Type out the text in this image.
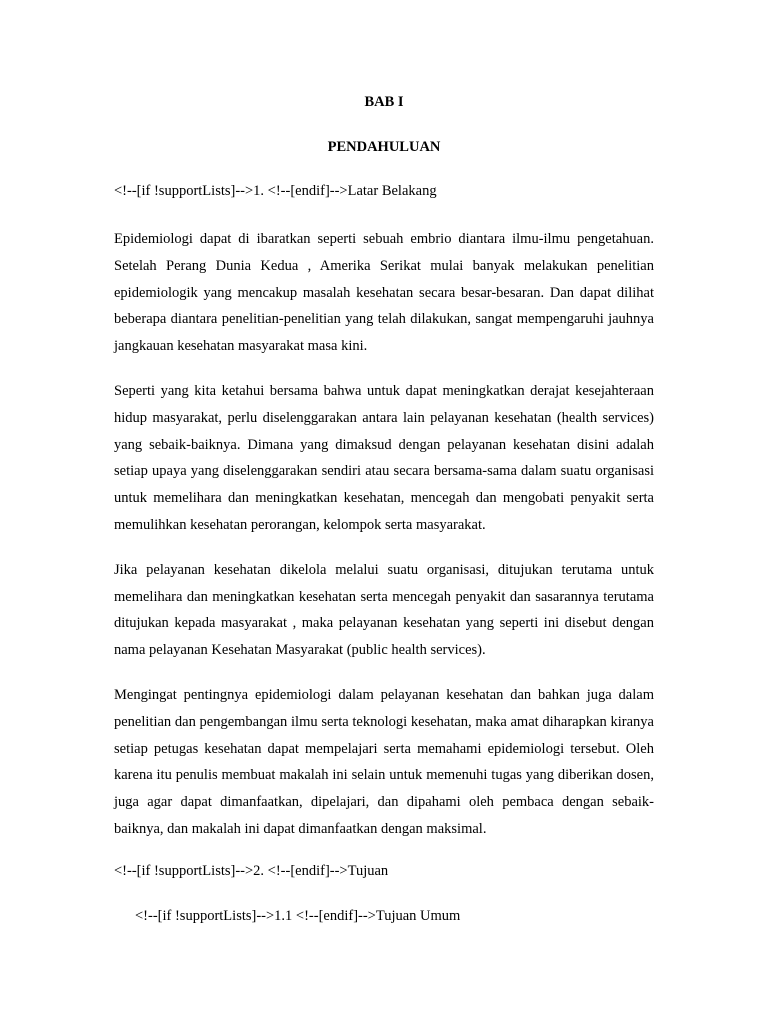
BAB I

PENDAHULUAN

<!--[if !supportLists]-->1. <!--[endif]-->Latar Belakang

Epidemiologi dapat di ibaratkan seperti sebuah embrio diantara ilmu-ilmu pengetahuan. Setelah Perang Dunia Kedua , Amerika Serikat mulai banyak melakukan penelitian epidemiologik yang mencakup masalah kesehatan secara besar-besaran. Dan dapat dilihat beberapa diantara penelitian-penelitian yang telah dilakukan, sangat mempengaruhi jauhnya jangkauan kesehatan masyarakat masa kini.

Seperti yang kita ketahui bersama bahwa untuk dapat meningkatkan derajat kesejahteraan hidup masyarakat, perlu diselenggarakan antara lain pelayanan kesehatan (health services) yang sebaik-baiknya. Dimana yang dimaksud dengan pelayanan kesehatan disini adalah setiap upaya yang diselenggarakan sendiri atau secara bersama-sama dalam suatu organisasi untuk memelihara dan meningkatkan kesehatan, mencegah dan mengobati penyakit serta memulihkan kesehatan perorangan, kelompok serta masyarakat.

Jika pelayanan kesehatan dikelola melalui suatu organisasi, ditujukan terutama untuk memelihara dan meningkatkan kesehatan serta mencegah penyakit dan sasarannya terutama ditujukan kepada masyarakat , maka pelayanan kesehatan yang seperti ini disebut dengan nama pelayanan Kesehatan Masyarakat (public health services).

Mengingat pentingnya epidemiologi dalam pelayanan kesehatan dan bahkan juga dalam penelitian dan pengembangan ilmu serta teknologi kesehatan, maka amat diharapkan kiranya setiap petugas kesehatan dapat mempelajari serta memahami epidemiologi tersebut. Oleh karena itu penulis membuat makalah ini selain untuk memenuhi tugas yang diberikan dosen, juga agar dapat dimanfaatkan, dipelajari, dan dipahami oleh pembaca dengan sebaik-baiknya, dan makalah ini dapat dimanfaatkan dengan maksimal.

<!--[if !supportLists]-->2. <!--[endif]-->Tujuan

<!--[if !supportLists]-->1.1 <!--[endif]-->Tujuan Umum
